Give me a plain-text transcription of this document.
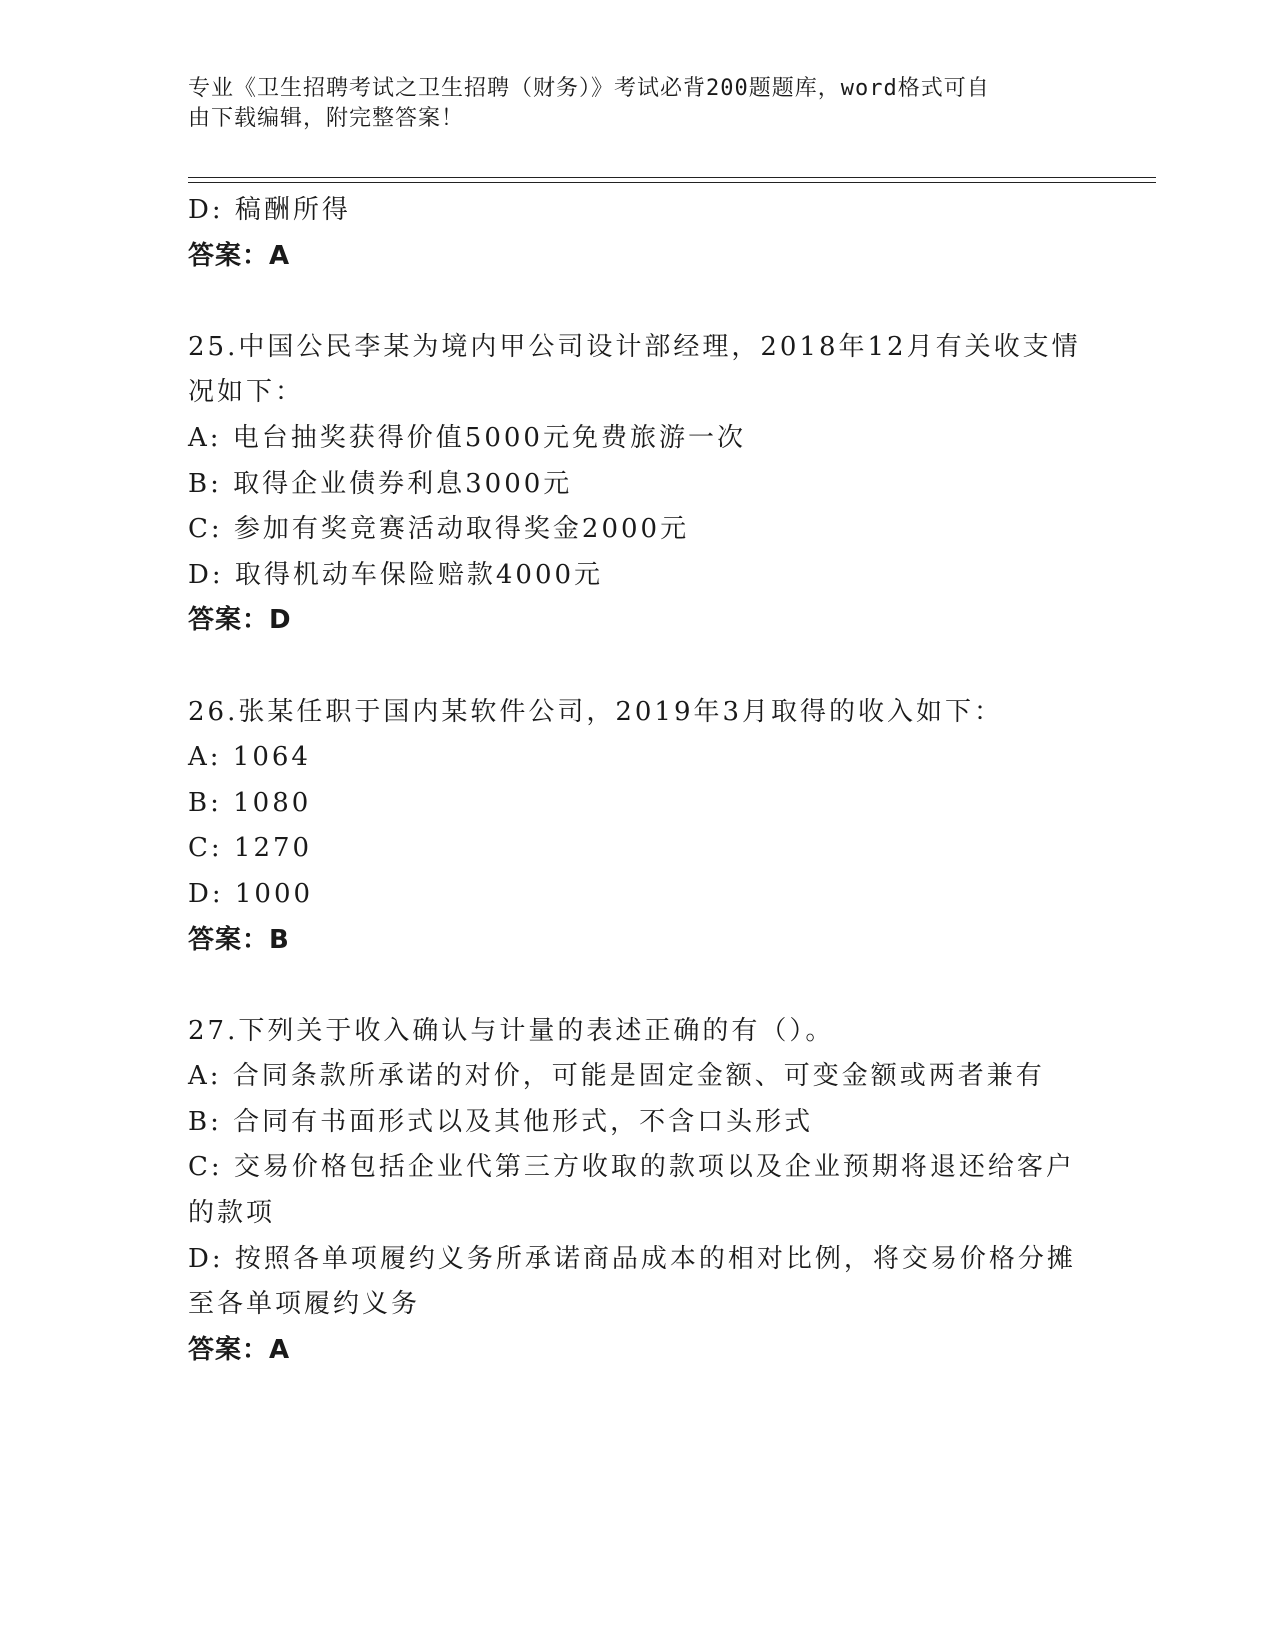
专业《卫生招聘考试之卫生招聘（财务）》考试必背200题题库，word格式可自
由下载编辑，附完整答案！
D: 稿酬所得
答案：A
25.中国公民李某为境内甲公司设计部经理，2018年12月有关收支情
况如下：
A: 电台抽奖获得价值5000元免费旅游一次
B: 取得企业债券利息3000元
C: 参加有奖竞赛活动取得奖金2000元
D: 取得机动车保险赔款4000元
答案：D
26.张某任职于国内某软件公司，2019年3月取得的收入如下：
A: 1064
B: 1080
C: 1270
D: 1000
答案：B
27.下列关于收入确认与计量的表述正确的有（）。
A: 合同条款所承诺的对价，可能是固定金额、可变金额或两者兼有
B: 合同有书面形式以及其他形式，不含口头形式
C: 交易价格包括企业代第三方收取的款项以及企业预期将退还给客户
的款项
D: 按照各单项履约义务所承诺商品成本的相对比例，将交易价格分摊
至各单项履约义务
答案：A
